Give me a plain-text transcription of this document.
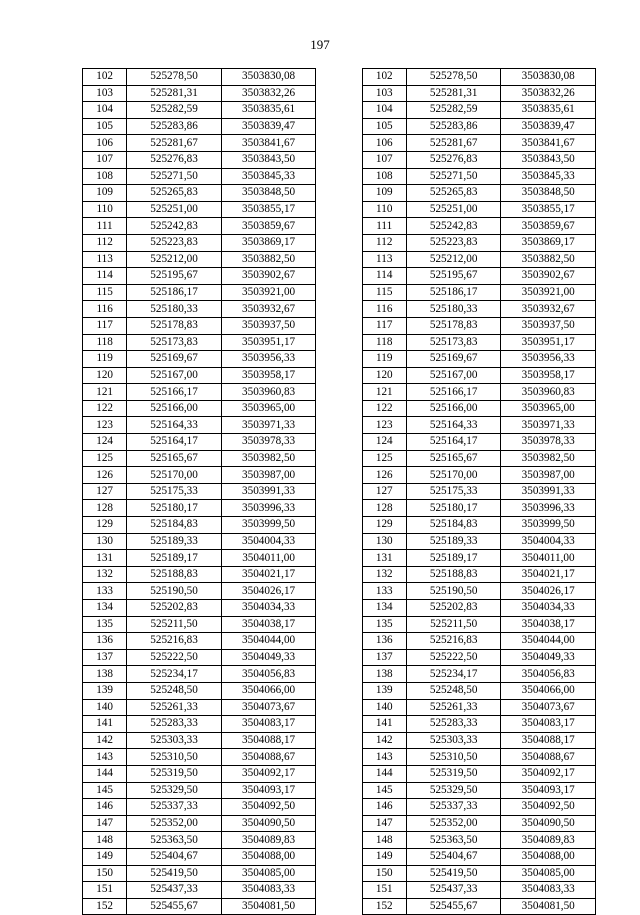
197
102	525278,50	3503830,08		102	525278,50	3503830,08
103	525281,31	3503832,26		103	525281,31	3503832,26
104	525282,59	3503835,61		104	525282,59	3503835,61
105	525283,86	3503839,47		105	525283,86	3503839,47
106	525281,67	3503841,67		106	525281,67	3503841,67
107	525276,83	3503843,50		107	525276,83	3503843,50
108	525271,50	3503845,33		108	525271,50	3503845,33
109	525265,83	3503848,50		109	525265,83	3503848,50
110	525251,00	3503855,17		110	525251,00	3503855,17
111	525242,83	3503859,67		111	525242,83	3503859,67
112	525223,83	3503869,17		112	525223,83	3503869,17
113	525212,00	3503882,50		113	525212,00	3503882,50
114	525195,67	3503902,67		114	525195,67	3503902,67
115	525186,17	3503921,00		115	525186,17	3503921,00
116	525180,33	3503932,67		116	525180,33	3503932,67
117	525178,83	3503937,50		117	525178,83	3503937,50
118	525173,83	3503951,17		118	525173,83	3503951,17
119	525169,67	3503956,33		119	525169,67	3503956,33
120	525167,00	3503958,17		120	525167,00	3503958,17
121	525166,17	3503960,83		121	525166,17	3503960,83
122	525166,00	3503965,00		122	525166,00	3503965,00
123	525164,33	3503971,33		123	525164,33	3503971,33
124	525164,17	3503978,33		124	525164,17	3503978,33
125	525165,67	3503982,50		125	525165,67	3503982,50
126	525170,00	3503987,00		126	525170,00	3503987,00
127	525175,33	3503991,33		127	525175,33	3503991,33
128	525180,17	3503996,33		128	525180,17	3503996,33
129	525184,83	3503999,50		129	525184,83	3503999,50
130	525189,33	3504004,33		130	525189,33	3504004,33
131	525189,17	3504011,00		131	525189,17	3504011,00
132	525188,83	3504021,17		132	525188,83	3504021,17
133	525190,50	3504026,17		133	525190,50	3504026,17
134	525202,83	3504034,33		134	525202,83	3504034,33
135	525211,50	3504038,17		135	525211,50	3504038,17
136	525216,83	3504044,00		136	525216,83	3504044,00
137	525222,50	3504049,33		137	525222,50	3504049,33
138	525234,17	3504056,83		138	525234,17	3504056,83
139	525248,50	3504066,00		139	525248,50	3504066,00
140	525261,33	3504073,67		140	525261,33	3504073,67
141	525283,33	3504083,17		141	525283,33	3504083,17
142	525303,33	3504088,17		142	525303,33	3504088,17
143	525310,50	3504088,67		143	525310,50	3504088,67
144	525319,50	3504092,17		144	525319,50	3504092,17
145	525329,50	3504093,17		145	525329,50	3504093,17
146	525337,33	3504092,50		146	525337,33	3504092,50
147	525352,00	3504090,50		147	525352,00	3504090,50
148	525363,50	3504089,83		148	525363,50	3504089,83
149	525404,67	3504088,00		149	525404,67	3504088,00
150	525419,50	3504085,00		150	525419,50	3504085,00
151	525437,33	3504083,33		151	525437,33	3504083,33
152	525455,67	3504081,50		152	525455,67	3504081,50
